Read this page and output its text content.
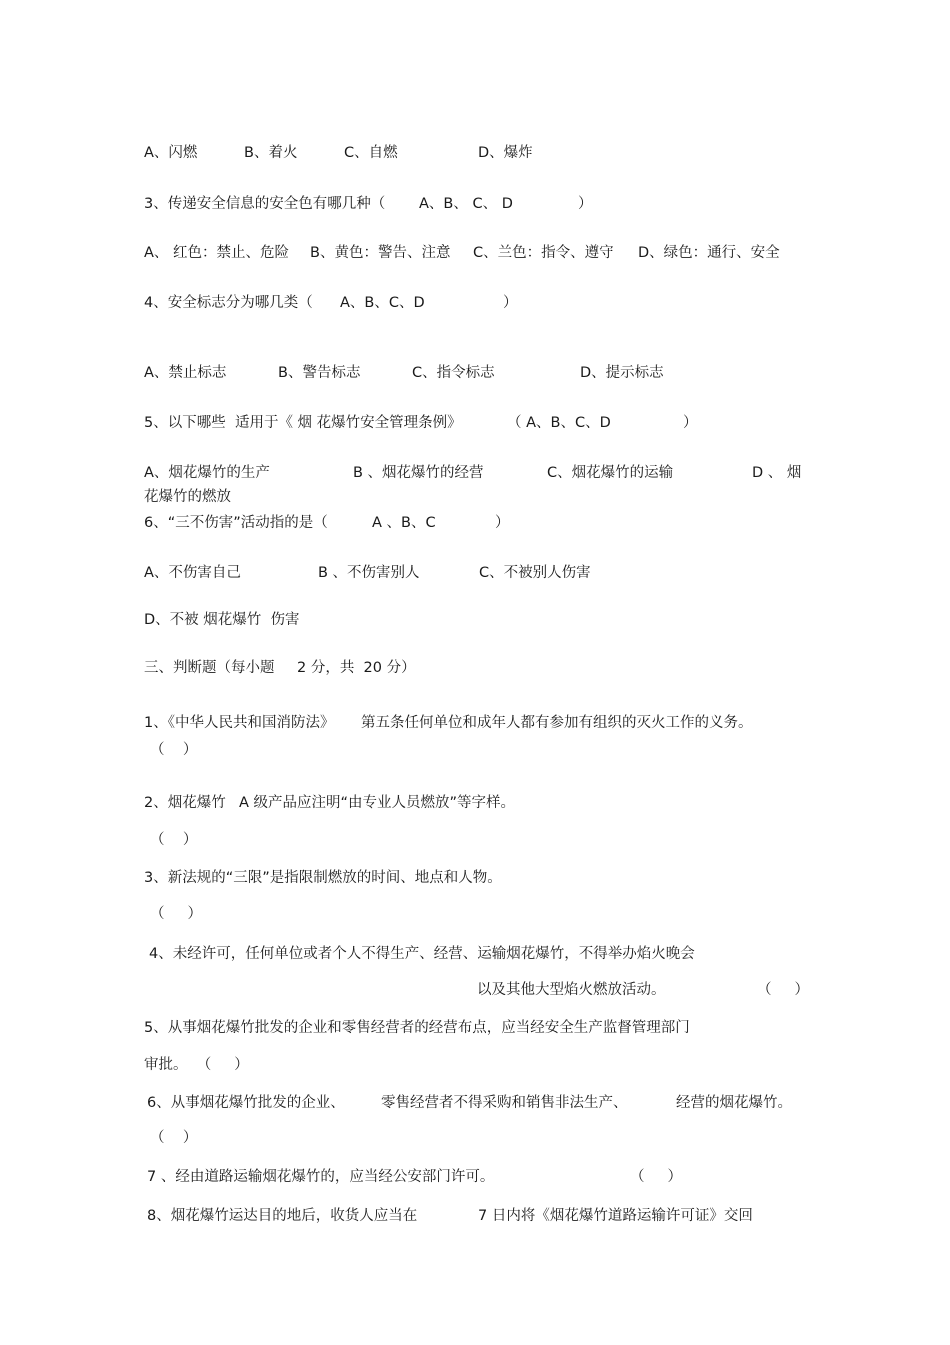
A、闪燃	B、着火	C、自燃	D、爆炸
3、传递安全信息的安全色有哪几种（ A、B、 C、 D	）
A、 红色：禁止、危险 B、黄色：警告、注意 C、兰色：指令、遵守 D、绿色：通行、安全
4、安全标志分为哪几类（ A、B、C、D	）
A、禁止标志	B、警告标志	C、指令标志	D、提示标志
5、以下哪些  适用于《 烟 花爆竹安全管理条例》	（ A、B、C、D	）
A、烟花爆竹的生产	B 、烟花爆竹的经营	C、烟花爆竹的运输	D 、 烟
花爆竹的燃放
6、“三不伤害”活动指的是（	A 、B、C	）
A、不伤害自己	B 、不伤害别人	C、不被别人伤害
D、不被 烟花爆竹  伤害
三、判断题（每小题 2 分，共  20 分）
1、《中华人民共和国消防法》 第五条任何单位和成年人都有参加有组织的灭火工作的义务。
（    ）
2、烟花爆竹 A 级产品应注明“由专业人员燃放”等字样。
（    ）
3、新法规的“三限”是指限制燃放的时间、地点和人物。
（     ）
4、未经许可，任何单位或者个人不得生产、经营、运输烟花爆竹，不得举办焰火晚会
以及其他大型焰火燃放活动。	（     ）
5、从事烟花爆竹批发的企业和零售经营者的经营布点，应当经安全生产监督管理部门
审批。  （     ）
6、从事烟花爆竹批发的企业、	零售经营者不得采购和销售非法生产、	经营的烟花爆竹。
（    ）
7 、经由道路运输烟花爆竹的，应当经公安部门许可。	（     ）
8、烟花爆竹运达目的地后，收货人应当在	7 日内将《烟花爆竹道路运输许可证》交回
